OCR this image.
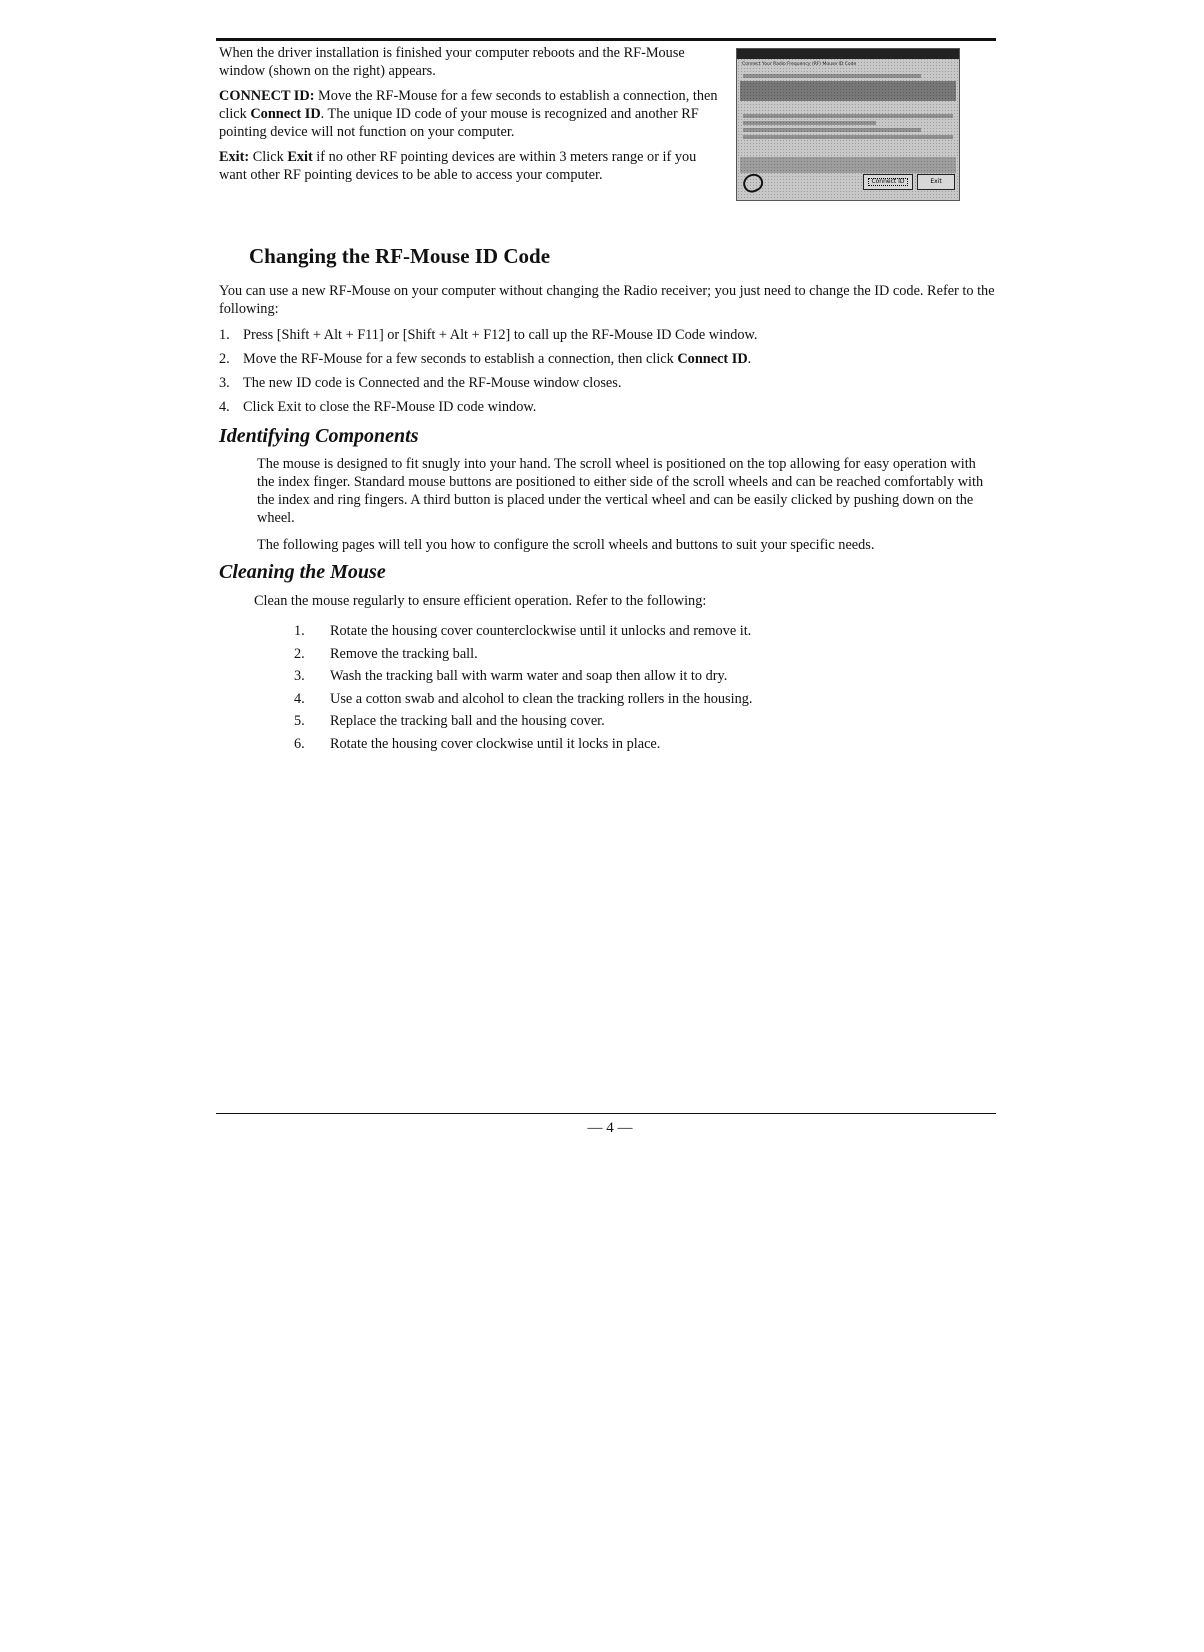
When the driver installation is finished your computer reboots and the RF-Mouse window (shown on the right) appears.

CONNECT ID: Move the RF-Mouse for a few seconds to establish a connection, then click Connect ID. The unique ID code of your mouse is recognized and another RF pointing device will not function on your computer.

Exit: Click Exit if no other RF pointing devices are within 3 meters range or if you want other RF pointing devices to be able to access your computer.

Connect Your Radio Frequency (RF) Mouse ID Code
Connect ID	Exit
Changing the RF-Mouse ID Code

You can use a new RF-Mouse on your computer without changing the Radio receiver; you just need to change the ID code. Refer to the following:

1. Press [Shift + Alt + F11] or [Shift + Alt + F12] to call up the RF-Mouse ID Code window.
2. Move the RF-Mouse for a few seconds to establish a connection, then click Connect ID.
3. The new ID code is Connected and the RF-Mouse window closes.
4. Click Exit to close the RF-Mouse ID code window.
Identifying Components

The mouse is designed to fit snugly into your hand. The scroll wheel is positioned on the top allowing for easy operation with the index finger. Standard mouse buttons are positioned to either side of the scroll wheels and can be reached comfortably with the index and ring fingers. A third button is placed under the vertical wheel and can be easily clicked by pushing down on the wheel.

The following pages will tell you how to configure the scroll wheels and buttons to suit your specific needs.

Cleaning the Mouse

Clean the mouse regularly to ensure efficient operation. Refer to the following:

1. Rotate the housing cover counterclockwise until it unlocks and remove it.
2. Remove the tracking ball.
3. Wash the tracking ball with warm water and soap then allow it to dry.
4. Use a cotton swab and alcohol to clean the tracking rollers in the housing.
5. Replace the tracking ball and the housing cover.
6. Rotate the housing cover clockwise until it locks in place.
— 4 —
